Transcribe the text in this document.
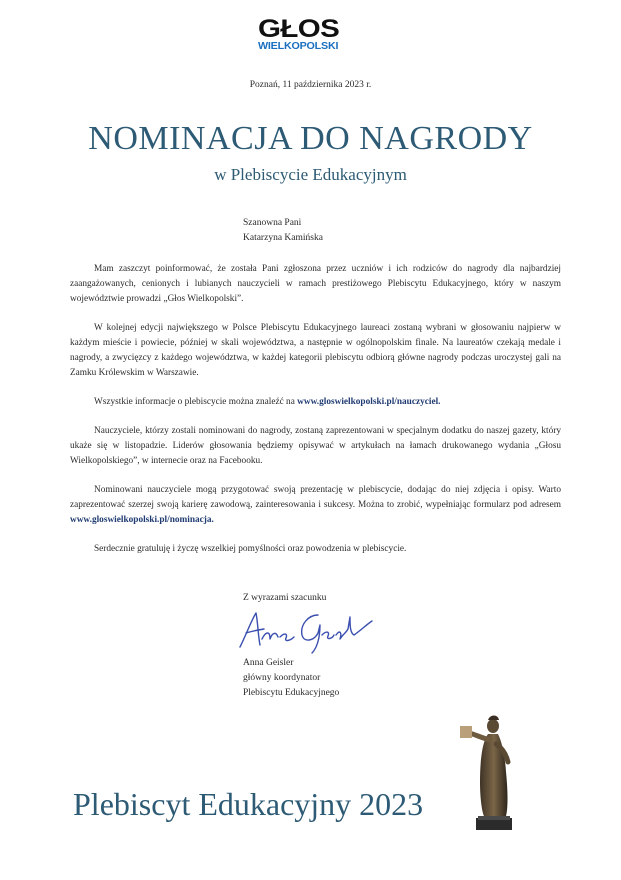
GŁOS
WIELKOPOLSKI
Poznań, 11 października 2023 r.
NOMINACJA DO NAGRODY
w Plebiscycie Edukacyjnym
Szanowna Pani
Katarzyna Kamińska

Mam zaszczyt poinformować, że została Pani zgłoszona przez uczniów i ich rodziców do nagrody dla najbardziej zaangażowanych, cenionych i lubianych nauczycieli w ramach prestiżowego Plebiscytu Edukacyjnego, który w naszym województwie prowadzi „Głos Wielkopolski”.

W kolejnej edycji największego w Polsce Plebiscytu Edukacyjnego laureaci zostaną wybrani w głosowaniu najpierw w każdym mieście i powiecie, później w skali województwa, a następnie w ogólnopolskim finale. Na laureatów czekają medale i nagrody, a zwycięzcy z każdego województwa, w każdej kategorii plebiscytu odbiorą główne nagrody podczas uroczystej gali na Zamku Królewskim w Warszawie.

Wszystkie informacje o plebiscycie można znaleźć na www.gloswielkopolski.pl/nauczyciel.

Nauczyciele, którzy zostali nominowani do nagrody, zostaną zaprezentowani w specjalnym dodatku do naszej gazety, który ukaże się w listopadzie. Liderów głosowania będziemy opisywać w artykułach na łamach drukowanego wydania „Głosu Wielkopolskiego”, w internecie oraz na Facebooku.

Nominowani nauczyciele mogą przygotować swoją prezentację w plebiscycie, dodając do niej zdjęcia i opisy. Warto zaprezentować szerzej swoją karierę zawodową, zainteresowania i sukcesy. Można to zrobić, wypełniając formularz pod adresem www.gloswielkopolski.pl/nominacja.

Serdecznie gratuluję i życzę wszelkiej pomyślności oraz powodzenia w plebiscycie.

Z wyrazami szacunku
Anna Geisler
główny koordynator
Plebiscytu Edukacyjnego
Plebiscyt Edukacyjny 2023
